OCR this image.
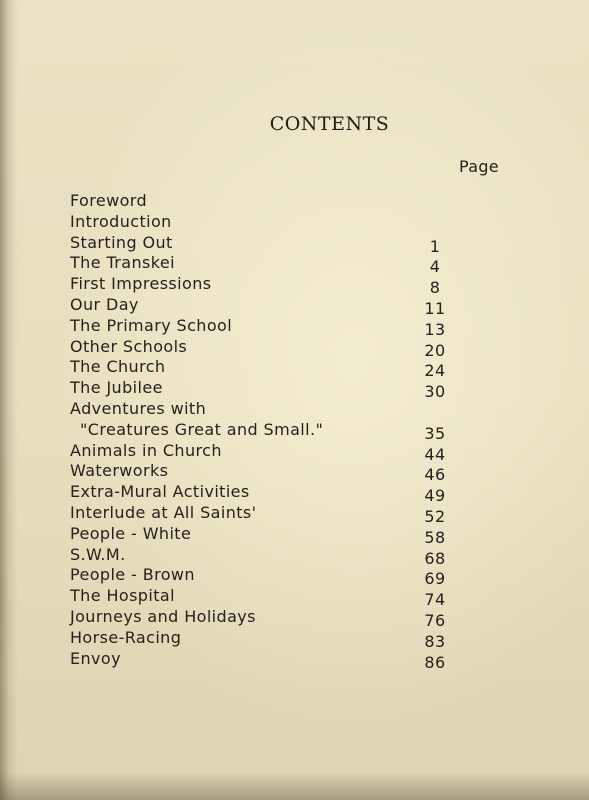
CONTENTS
Page
Foreword
Introduction
Starting Out	1
The Transkei	4
First Impressions	8
Our Day	11
The Primary School	13
Other Schools	20
The Church	24
The Jubilee	30
Adventures with
"Creatures Great and Small."	35
Animals in Church	44
Waterworks	46
Extra-Mural Activities	49
Interlude at All Saints'	52
People - White	58
S.W.M.	68
People - Brown	69
The Hospital	74
Journeys and Holidays	76
Horse-Racing	83
Envoy	86
